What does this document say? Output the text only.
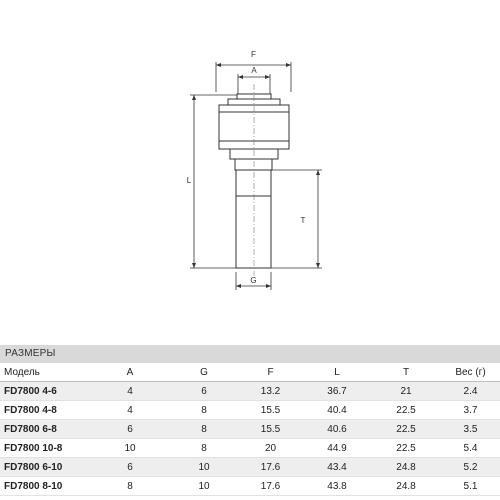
F
A
L
T
G
РАЗМЕРЫ
Модель	A	G	F	L	T	Вес (г)
FD7800 4-6	4	6	13.2	36.7	21	2.4
FD7800 4-8	4	8	15.5	40.4	22.5	3.7
FD7800 6-8	6	8	15.5	40.6	22.5	3.5
FD7800 10-8	10	8	20	44.9	22.5	5.4
FD7800 6-10	6	10	17.6	43.4	24.8	5.2
FD7800 8-10	8	10	17.6	43.8	24.8	5.1
